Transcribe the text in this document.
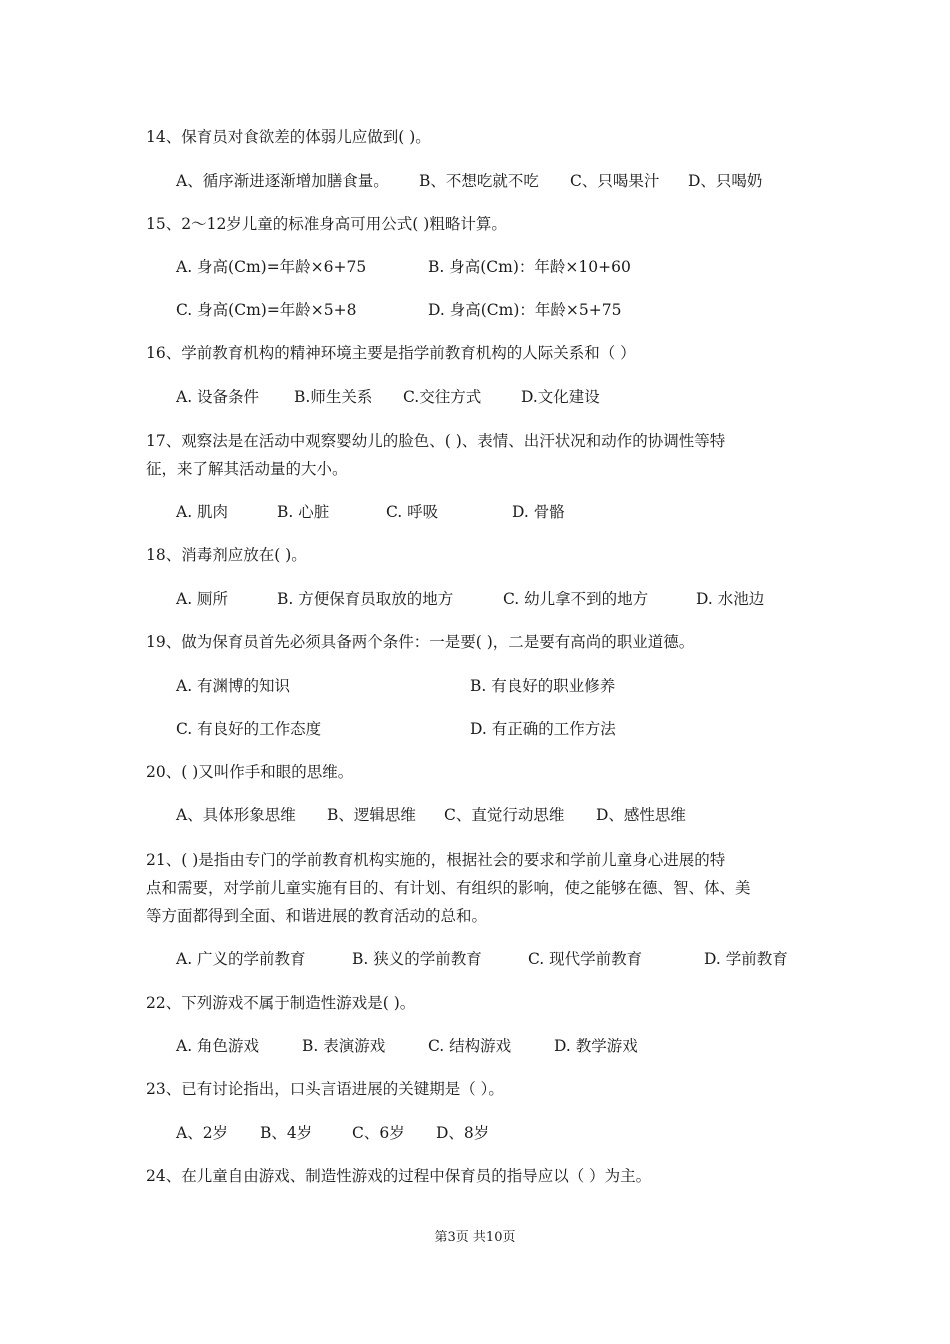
14、保育员对食欲差的体弱儿应做到( )。
A、循序渐进逐渐增加膳食量。 B、不想吃就不吃 C、只喝果汁 D、只喝奶
15、2～12岁儿童的标准身高可用公式( )粗略计算。
A. 身高(Cm)=年龄×6+75	B. 身高(Cm)：年龄×10+60
C. 身高(Cm)=年龄×5+8	D. 身高(Cm)：年龄×5+75
16、学前教育机构的精神环境主要是指学前教育机构的人际关系和（ ）
A. 设备条件 B.师生关系 C.交往方式	D.文化建设
17、观察法是在活动中观察婴幼儿的脸色、( )、表情、出汗状况和动作的协调性等特
征，来了解其活动量的大小。
A. 肌肉	B. 心脏	C. 呼吸	D. 骨骼
18、消毒剂应放在( )。
A. 厕所	B. 方便保育员取放的地方	C. 幼儿拿不到的地方	D. 水池边
19、做为保育员首先必须具备两个条件：一是要( )，二是要有高尚的职业道德。
A. 有渊博的知识	B. 有良好的职业修养
C. 有良好的工作态度	D. 有正确的工作方法
20、( )又叫作手和眼的思维。
A、具体形象思维 B、逻辑思维 C、直觉行动思维 D、感性思维
21、( )是指由专门的学前教育机构实施的，根据社会的要求和学前儿童身心进展的特
点和需要，对学前儿童实施有目的、有计划、有组织的影响，使之能够在德、智、体、美
等方面都得到全面、和谐进展的教育活动的总和。
A. 广义的学前教育	B. 狭义的学前教育	C. 现代学前教育	D. 学前教育
22、下列游戏不属于制造性游戏是( )。
A. 角色游戏	B. 表演游戏	C. 结构游戏	D. 教学游戏
23、已有讨论指出，口头言语进展的关键期是（ ）。
A、2岁 B、4岁	C、6岁 D、8岁
24、在儿童自由游戏、制造性游戏的过程中保育员的指导应以（ ）为主。
第3页 共10页
